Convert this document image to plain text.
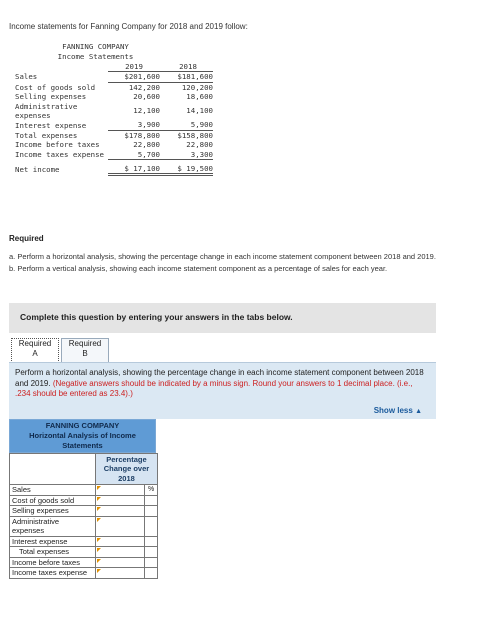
Income statements for Fanning Company for 2018 and 2019 follow:
FANNING COMPANY
Income Statements
	2019	2018
Sales	$201,600	$181,600
Cost of goods sold	142,200	120,200
Selling expenses	20,600	18,600
Administrative expenses	12,100	14,100
Interest expense	3,900	5,900
Total expenses	$178,800	$158,800
Income before taxes	22,800	22,800
Income taxes expense	5,700	3,300
Net income	$ 17,100	$ 19,500
Required
a. Perform a horizontal analysis, showing the percentage change in each income statement component between 2018 and 2019.
b. Perform a vertical analysis, showing each income statement component as a percentage of sales for each year.
Complete this question by entering your answers in the tabs below.
Required
A
Required
B
Perform a horizontal analysis, showing the percentage change in each income statement component between 2018 and 2019. (Negative answers should be indicated by a minus sign. Round your answers to 1 decimal place. (i.e., .234 should be entered as 23.4).)
Show less ▲
FANNING COMPANY
Horizontal Analysis of Income Statements
	Percentage Change over 2018	
Sales		%
Cost of goods sold	

Selling expenses	

Administrative expenses	

Interest expense	

Total expenses	

Income before taxes	

Income taxes expense	
